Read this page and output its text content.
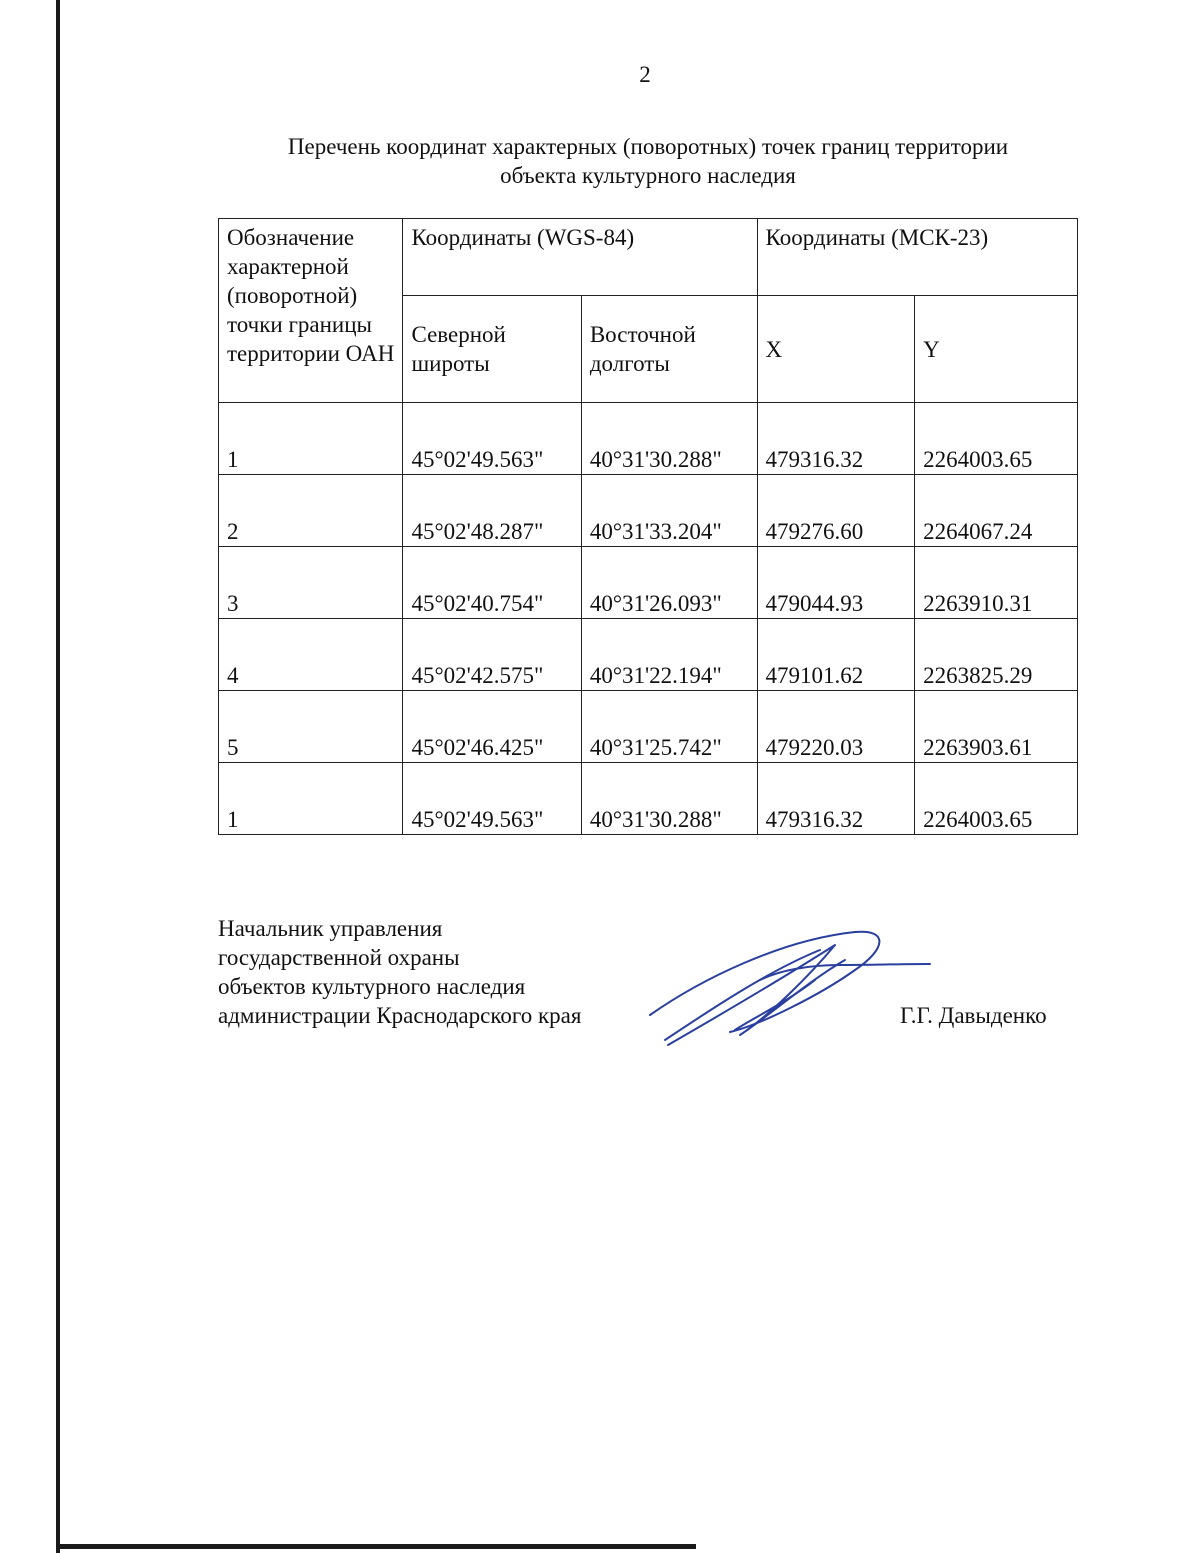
2
Перечень координат характерных (поворотных) точек границ территории
объекта культурного наследия
Обозначение характерной (поворотной) точки границы территории ОАН	Координаты (WGS-84)		Координаты (МСК-23)	
	Северной широты	Восточной долготы	X	Y
1	45°02'49.563"	40°31'30.288"	479316.32	2264003.65
2	45°02'48.287"	40°31'33.204"	479276.60	2264067.24
3	45°02'40.754"	40°31'26.093"	479044.93	2263910.31
4	45°02'42.575"	40°31'22.194"	479101.62	2263825.29
5	45°02'46.425"	40°31'25.742"	479220.03	2263903.61
1	45°02'49.563"	40°31'30.288"	479316.32	2264003.65
Начальник управления
государственной охраны
объектов культурного наследия
администрации Краснодарского края	Г.Г. Давыденко
